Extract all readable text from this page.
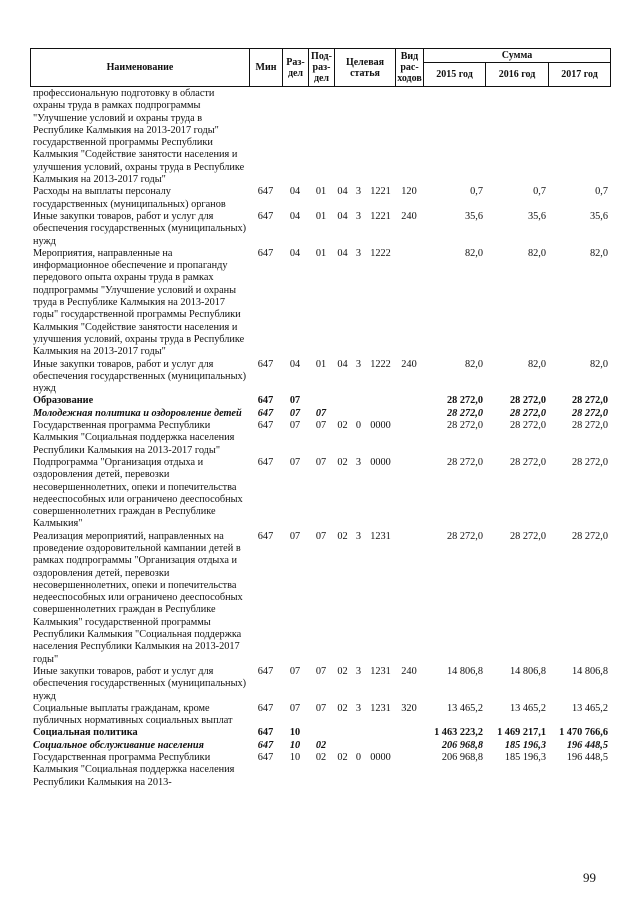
Наименование	Мин	Раз-дел	Под-раз-дел	Целевая статья	Вид рас-ходов	Сумма		
						2015 год	2016 год	2017 год
профессиональную подготовку в области охраны труда в рамках подпрограммы "Улучшение условий и охраны труда в Республике Калмыкия на 2013-2017 годы" государственной программы Республики Калмыкия "Содействие занятости населения и улучшения условий, охраны труда в Республике Калмыкия на 2013-2017 годы"
Расходы на выплаты персоналу государственных (муниципальных) органов
647	04	01	04 3 1221	120	0,7	0,7	0,7
Иные закупки товаров, работ и услуг для обеспечения государственных (муниципальных) нужд
647	04	01	04 3 1221	240	35,6	35,6	35,6
Мероприятия, направленные на информационное обеспечение и пропаганду передового опыта охраны труда в рамках подпрограммы "Улучшение условий и охраны труда в Республике Калмыкия на 2013-2017 годы" государственной программы Республики Калмыкия "Содействие занятости населения и улучшения условий, охраны труда в Республике Калмыкия на 2013-2017 годы"
647	04	01	04 3 1222	82,0	82,0	82,0
Иные закупки товаров, работ и услуг для обеспечения государственных (муниципальных) нужд
647	04	01	04 3 1222	240	82,0	82,0	82,0
Образование	647	07	28 272,0	28 272,0	28 272,0
Молодежная политика и оздоровление детей	647	07	07	28 272,0	28 272,0	28 272,0
Государственная программа Республики Калмыкия "Социальная поддержка населения Республики Калмыкия на 2013-2017 годы"
647	07	07	02 0 0000	28 272,0	28 272,0	28 272,0
Подпрограмма "Организация отдыха и оздоровления детей, перевозки несовершеннолетних, опеки и попечительства недееспособных или ограничено дееспособных совершеннолетних граждан в Республике Калмыкия"
647	07	07	02 3 0000	28 272,0	28 272,0	28 272,0
Реализация мероприятий, направленных на проведение оздоровительной кампании детей в рамках подпрограммы "Организация отдыха и оздоровления детей, перевозки несовершеннолетних, опеки и попечительства недееспособных или ограничено дееспособных совершеннолетних граждан в Республике Калмыкия" государственной программы Республики Калмыкия "Социальная поддержка населения Республики Калмыкия на 2013-2017 годы"
647	07	07	02 3 1231	28 272,0	28 272,0	28 272,0
Иные закупки товаров, работ и услуг для обеспечения государственных (муниципальных) нужд
647	07	07	02 3 1231	240	14 806,8	14 806,8	14 806,8
Социальные выплаты гражданам, кроме публичных нормативных социальных выплат
647	07	07	02 3 1231	320	13 465,2	13 465,2	13 465,2
Социальная политика	647	10	1 463 223,2	1 469 217,1	1 470 766,6
Социальное обслуживание населения	647	10	02	206 968,8	185 196,3	196 448,5
Государственная программа Республики Калмыкия "Социальная поддержка населения Республики Калмыкия на 2013-
647	10	02	02 0 0000	206 968,8	185 196,3	196 448,5
99
